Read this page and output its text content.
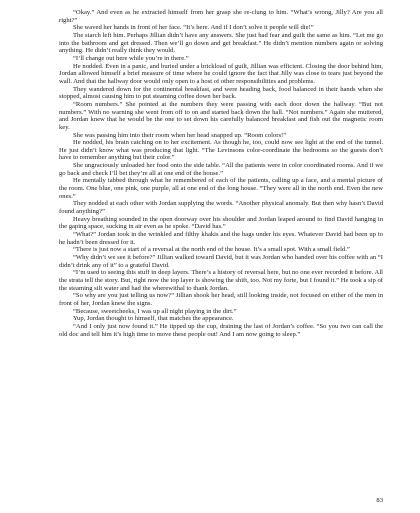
“Okay.” And even as he extracted himself from her grasp she re-clung to him. “What’s wrong, Jilly? Are you all right?”

She waved her hands in front of her face. “It’s here. And if I don’t solve it people will die!”

The starch left him. Perhaps Jillian didn’t have any answers. She just had fear and guilt the same as him. “Let me go into the bathroom and get dressed. Then we’ll go down and get breakfast.” He didn’t mention numbers again or solving anything. He didn’t really think they would.

“I’ll change out here while you’re in there.”

He nodded. Even in a panic, and buried under a brickload of guilt, Jillian was efficient. Closing the door behind him, Jordan allowed himself a brief measure of time where he could ignore the fact that Jilly was close to tears just beyond the wall. And that the hallway door would only open to a host of other responsibilities and problems.

They wandered down for the continental breakfast, and were heading back, food balanced in their hands when she stopped, almost causing him to put steaming coffee down her back.

“Room numbers.” She pointed at the numbers they were passing with each door down the hallway. “But not numbers.” With no warning she went from off to on and started back down the hall. “Not numbers.” Again she muttered, and Jordan knew that he would be the one to set down his carefully balanced breakfast and fish out the magnetic room key.

She was passing him into their room when her head snapped up. “Room colors!”

He nodded, his brain catching on to her excitement. As though he, too, could now see light at the end of the tunnel. He just didn’t know what was producing that light. “The Levinsons color-coordinate the bedrooms so the guests don’t have to remember anything but their color.”

She ungraciously unloaded her food onto the side table. “All the patients were in color coordinated rooms. And if we go back and check I’ll bet they’re all at one end of the house.”

He mentally tabbed through what he remembered of each of the patients, calling up a face, and a mental picture of the room. One blue, one pink, one purple, all at one end of the long house. “They were all in the north end. Even the new ones.”

They nodded at each other with Jordan supplying the words. “Another physical anomaly. But then why hasn’t David found anything?”

Heavy breathing sounded in the open doorway over his shoulder and Jordan leaped around to find David hanging in the gaping space, sucking in air even as he spoke. “David has.”

“What?” Jordan took in the wrinkled and filthy khakis and the bags under his eyes. Whatever David had been up to he hadn’t been dressed for it.

“There is just now a start of a reversal at the north end of the house. It’s a small spot. With a small field.”

“Why didn’t we see it before?” Jillian walked toward David, but it was Jordan who handed over his coffee with an “I didn’t drink any of it” to a grateful David.

“I’m used to seeing this stuff in deep layers. There’s a history of reversal here, but no one ever recorded it before. All the strata tell the story. But, right now the top layer is showing the shift, too. Not my forte, but I found it.” He took a sip of the steaming silt water and had the wherewithal to thank Jordan.

“So why are you just telling us now?” Jillian shook her head, still looking inside, not focused on either of the men in front of her, Jordan knew the signs.

“Because, sweetcheeks, I was up all night playing in the dirt.”

Yup, Jordan thought to himself, that matches the appearance.

“And I only just now found it.” He tipped up the cup, draining the last of Jordan’s coffee. “So you two can call the old doc and tell him it’s high time to move these people out! And I am now going to sleep.”

83
